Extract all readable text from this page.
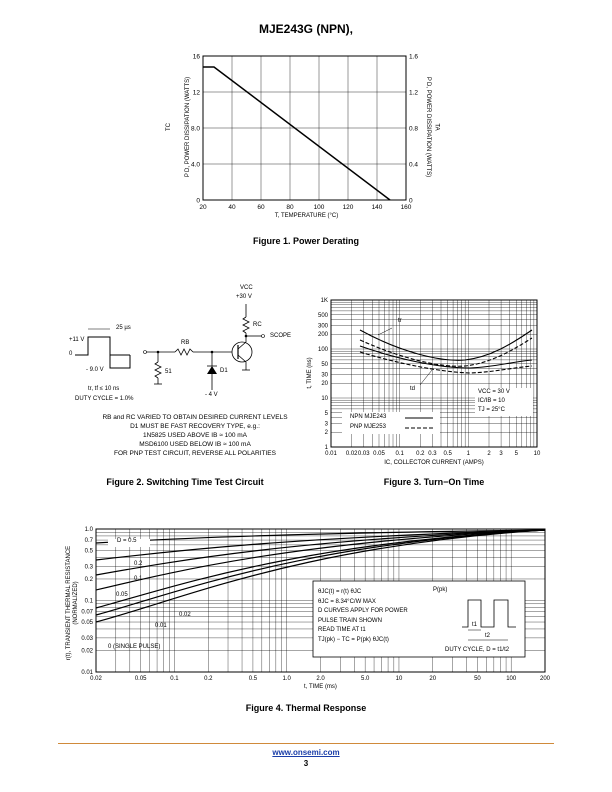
MJE243G (NPN),
20	40	60	80	100	120	140	160
0	0
4.0	0.4
8.0	0.8
12	1.2
16	1.6
T, TEMPERATURE (°C)
P D, POWER DISSIPATION (WATTS)	P D, POWER DISSIPATION (WATTS)
TC	TA
Figure 1. Power Derating
VCC
+30 V
RC
RB
SCOPE
D1
- 4 V
51
+11 V
0
- 9.0 V
25 µs
tr, tf ≤ 10 ns
DUTY CYCLE = 1.0%
RB and RC VARIED TO OBTAIN DESIRED CURRENT LEVELS
D1 MUST BE FAST RECOVERY TYPE, e.g.:
1N5825 USED ABOVE IB ≈ 100 mA
MSD6100 USED BELOW IB ≈ 100 mA
FOR PNP TEST CIRCUIT, REVERSE ALL POLARITIES
Figure 2. Switching Time Test Circuit
0.01 0.02 0.03 0.05 0.1 0.2 0.3 0.5 1	2 3 5	10
1
2
3
5
10
20
30
50
100
200
300
500
1K
tr
td
NPN MJE243
PNP MJE253
VCC = 30 V
IC/IB = 10
TJ = 25°C
IC, COLLECTOR CURRENT (AMPS)
t, TIME (ns)
Figure 3. Turn−On Time
0.02	0.05	0.1	0.2	0.5	1.0	2.0	5.0	10	20	50	100	200
0.01
0.02
0.03
0.05
0.07
0.1
0.2
0.3
0.5
0.7
1.0
D = 0.5
0.2
0.1
0.05
0.02
0.01
0 (SINGLE PULSE)
θJC(t) = r(t) θJC
θJC = 8.34°C/W MAX
D CURVES APPLY FOR POWER
PULSE TRAIN SHOWN
READ TIME AT t1
TJ(pk) − TC = P(pk) θJC(t)
P(pk)
t1
t2
DUTY CYCLE, D = t1/t2
t, TIME (ms)
r(t), TRANSIENT THERMAL RESISTANCE (NORMALIZED)
Figure 4. Thermal Response
www.onsemi.com
3
